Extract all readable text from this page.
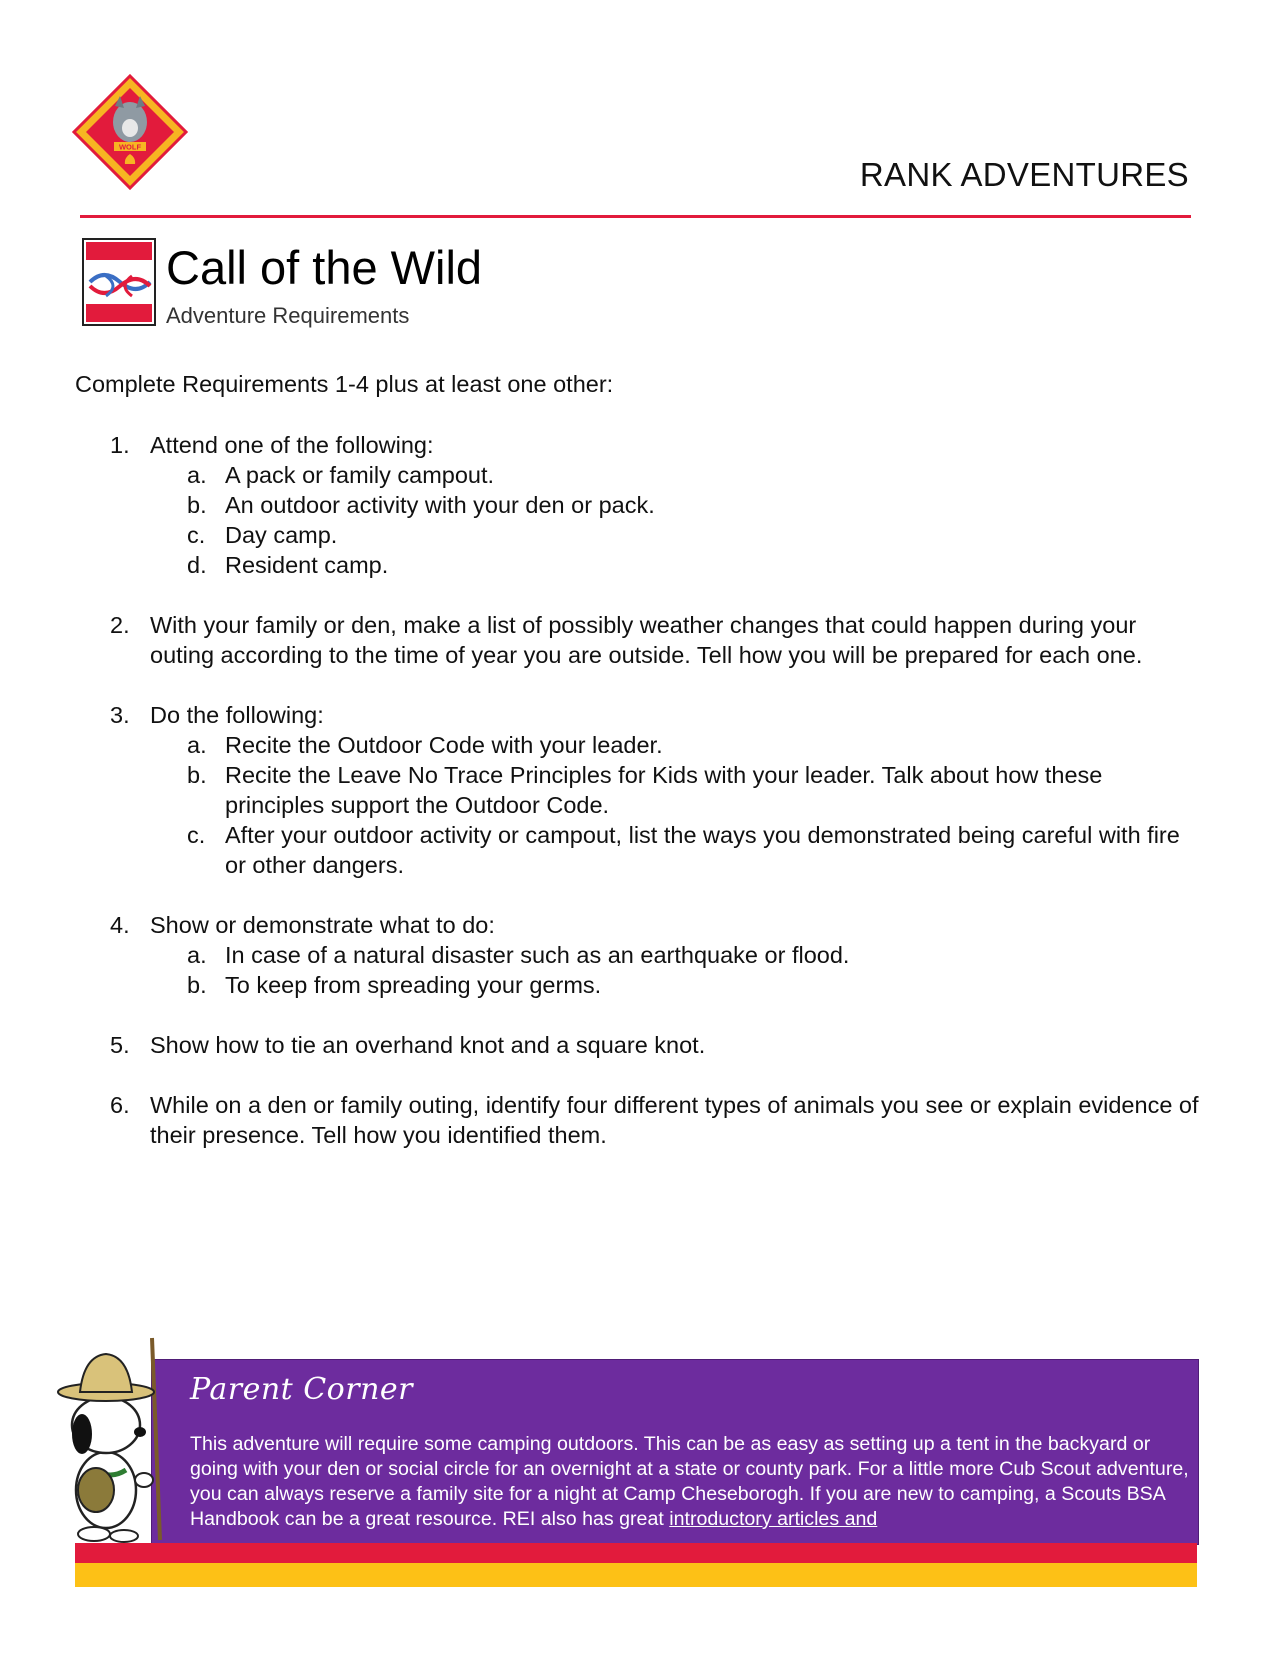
WOLF
RANK ADVENTURES
Call of the Wild
Adventure Requirements
Complete Requirements 1-4 plus at least one other:
1. Attend one of the following:
a. A pack or family campout.
b. An outdoor activity with your den or pack.
c. Day camp.
d. Resident camp.
2. With your family or den, make a list of possibly weather changes that could happen during your outing according to the time of year you are outside. Tell how you will be prepared for each one.
3. Do the following:
a. Recite the Outdoor Code with your leader.
b. Recite the Leave No Trace Principles for Kids with your leader. Talk about how these principles support the Outdoor Code.
c. After your outdoor activity or campout, list the ways you demonstrated being careful with fire or other dangers.
4. Show or demonstrate what to do:
a. In case of a natural disaster such as an earthquake or flood.
b. To keep from spreading your germs.
5. Show how to tie an overhand knot and a square knot.
6. While on a den or family outing, identify four different types of animals you see or explain evidence of their presence. Tell how you identified them.
Parent Corner
This adventure will require some camping outdoors. This can be as easy as setting up a tent in the backyard or going with your den or social circle for an overnight at a state or county park. For a little more Cub Scout adventure, you can always reserve a family site for a night at Camp Cheseborogh. If you are new to camping, a Scouts BSA Handbook can be a great resource. REI also has great introductory articles and
